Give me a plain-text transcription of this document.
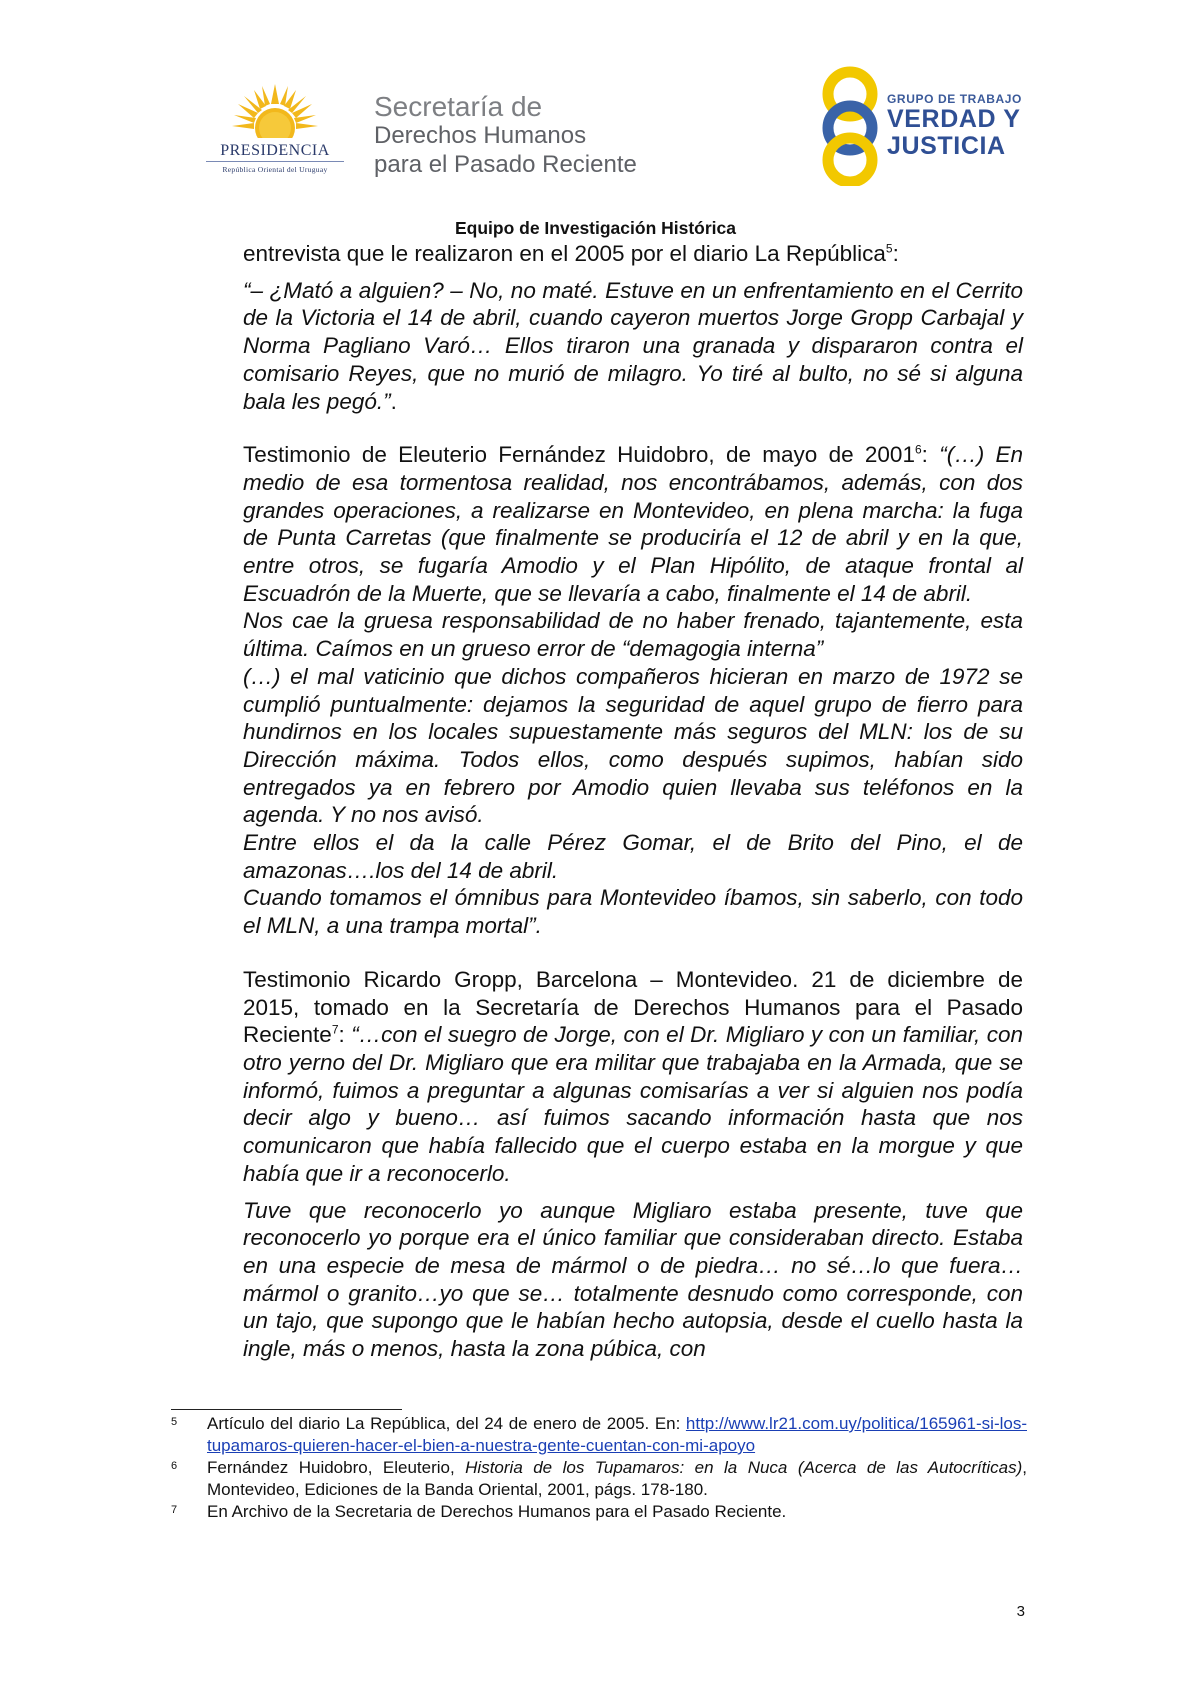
PRESIDENCIA
República Oriental del Uruguay
Secretaría de
Derechos Humanos
para el Pasado Reciente
GRUPO DE TRABAJO
VERDAD Y
JUSTICIA
Equipo de Investigación Histórica

entrevista que le realizaron en el 2005 por el diario La República$^5$:

“– ¿Mató a alguien? – No, no maté. Estuve en un enfrentamiento en el Cerrito de la Victoria el 14 de abril, cuando cayeron muertos Jorge Gropp Carbajal y Norma Pagliano Varó… Ellos tiraron una granada y dispararon contra el comisario Reyes, que no murió de milagro. Yo tiré al bulto, no sé si alguna bala les pegó.”.

Testimonio de Eleuterio Fernández Huidobro, de mayo de 2001$^6$: “(…) En medio de esa tormentosa realidad, nos encontrábamos, además, con dos grandes operaciones, a realizarse en Montevideo, en plena marcha: la fuga de Punta Carretas (que finalmente se produciría el 12 de abril y en la que, entre otros, se fugaría Amodio y el Plan Hipólito, de ataque frontal al Escuadrón de la Muerte, que se llevaría a cabo, finalmente el 14 de abril.

Nos cae la gruesa responsabilidad de no haber frenado, tajantemente, esta última. Caímos en un grueso error de “demagogia interna”

(…) el mal vaticinio que dichos compañeros hicieran en marzo de 1972 se cumplió puntualmente: dejamos la seguridad de aquel grupo de fierro para hundirnos en los locales supuestamente más seguros del MLN: los de su Dirección máxima. Todos ellos, como después supimos, habían sido entregados ya en febrero por Amodio quien llevaba sus teléfonos en la agenda. Y no nos avisó.

Entre ellos el da la calle Pérez Gomar, el de Brito del Pino, el de amazonas….los del 14 de abril.

Cuando tomamos el ómnibus para Montevideo íbamos, sin saberlo, con todo el MLN, a una trampa mortal”.

Testimonio Ricardo Gropp, Barcelona – Montevideo. 21 de diciembre de 2015, tomado en la Secretaría de Derechos Humanos para el Pasado Reciente$^7$: “…con el suegro de Jorge, con el Dr. Migliaro y con un familiar, con otro yerno del Dr. Migliaro que era militar que trabajaba en la Armada, que se informó, fuimos a preguntar a algunas comisarías a ver si alguien nos podía decir algo y bueno… así fuimos sacando información hasta que nos comunicaron que había fallecido que el cuerpo estaba en la morgue y que había que ir a reconocerlo.

Tuve que reconocerlo yo aunque Migliaro estaba presente, tuve que reconocerlo yo porque era el único familiar que consideraban directo. Estaba en una especie de mesa de mármol o de piedra… no sé…lo que fuera… mármol o granito…yo que se… totalmente desnudo como corresponde, con un tajo, que supongo que le habían hecho autopsia, desde el cuello hasta la ingle, más o menos, hasta la zona púbica, con

5	Artículo del diario La República, del 24 de enero de 2005. En: http://www.lr21.com.uy/politica/165961-si-los-tupamaros-quieren-hacer-el-bien-a-nuestra-gente-cuentan-con-mi-apoyo
6	Fernández Huidobro, Eleuterio, Historia de los Tupamaros: en la Nuca (Acerca de las Autocríticas), Montevideo, Ediciones de la Banda Oriental, 2001, págs. 178-180.
7	En Archivo de la Secretaria de Derechos Humanos para el Pasado Reciente.
3
